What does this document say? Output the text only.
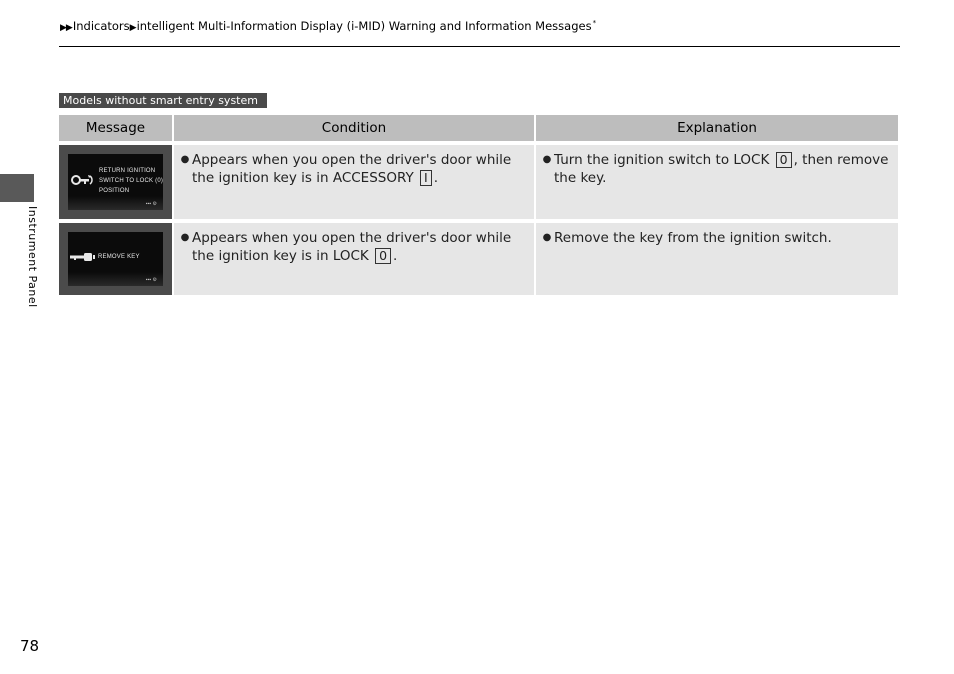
▶▶Indicators▶intelligent Multi-Information Display (i-MID) Warning and Information Messages*
Instrument Panel
Models without smart entry system
Message	Condition	Explanation
RETURN IGNITION
SWITCH TO LOCK (0)
POSITION
▪▪▪ ⚙
● Appears when you open the driver's door while the ignition key is in ACCESSORY I .
● Turn the ignition switch to LOCK 0 , then remove the key.
REMOVE KEY
▪▪▪ ⚙
● Appears when you open the driver's door while the ignition key is in LOCK 0 .
● Remove the key from the ignition switch.
78
